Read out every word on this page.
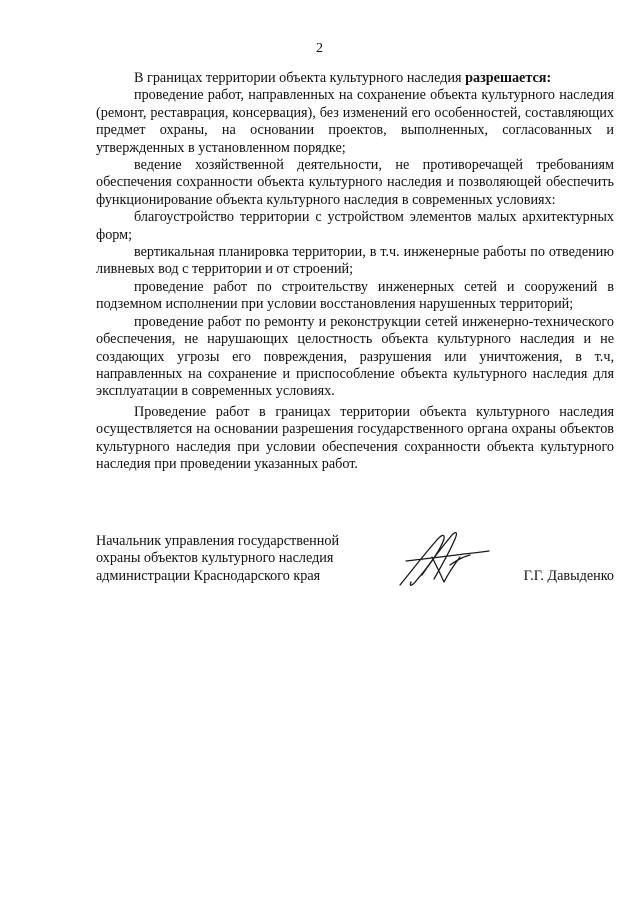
2

В границах территории объекта культурного наследия разрешается:

проведение работ, направленных на сохранение объекта культурного наследия (ремонт, реставрация, консервация), без изменений его особенностей, составляющих предмет охраны, на основании проектов, выполненных, согласованных и утвержденных в установленном порядке;

ведение хозяйственной деятельности, не противоречащей требованиям обеспечения сохранности объекта культурного наследия и позволяющей обеспечить функционирование объекта культурного наследия в современных условиях:

благоустройство территории с устройством элементов малых архитектурных форм;

вертикальная планировка территории, в т.ч. инженерные работы по отведению ливневых вод с территории и от строений;

проведение работ по строительству инженерных сетей и сооружений в подземном исполнении при условии восстановления нарушенных территорий;

проведение работ по ремонту и реконструкции сетей инженерно-технического обеспечения, не нарушающих целостность объекта культурного наследия и не создающих угрозы его повреждения, разрушения или уничтожения, в т.ч, направленных на сохранение и приспособление объекта культурного наследия для эксплуатации в современных условиях.

Проведение работ в границах территории объекта культурного наследия осуществляется на основании разрешения государственного органа охраны объектов культурного наследия при условии обеспечения сохранности объекта культурного наследия при проведении указанных работ.

Начальник управления государственной
охраны объектов культурного наследия
администрации Краснодарского края	Г.Г. Давыденко
